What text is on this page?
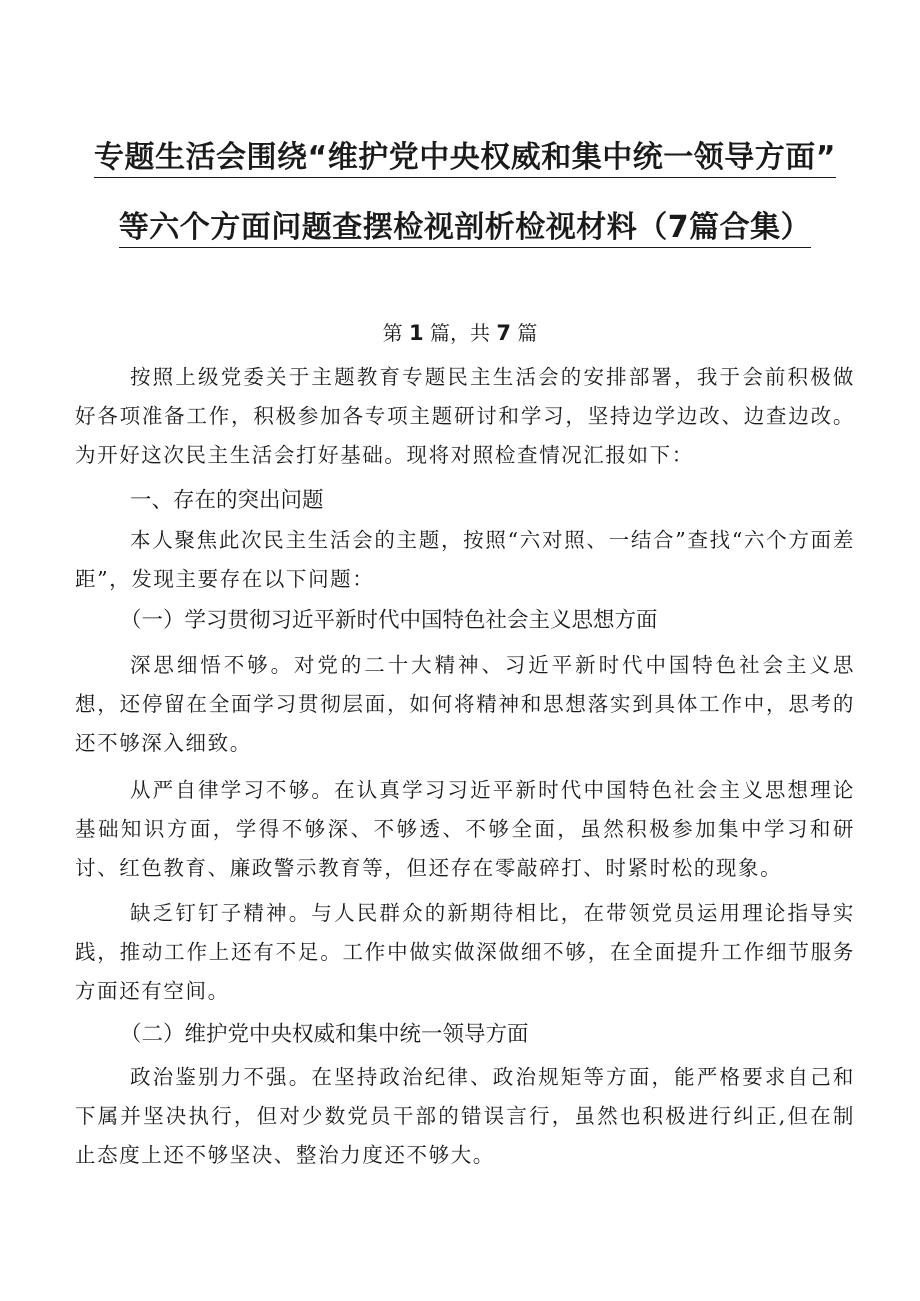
专题生活会围绕“维护党中央权威和集中统一领导方面”
等六个方面问题查摆检视剖析检视材料（7篇合集）
第 1 篇，共 7 篇

按照上级党委关于主题教育专题民主生活会的安排部署，我于会前积极做好各项准备工作，积极参加各专项主题研讨和学习，坚持边学边改、边查边改。为开好这次民主生活会打好基础。现将对照检查情况汇报如下：

一、存在的突出问题

本人聚焦此次民主生活会的主题，按照“六对照、一结合”查找“六个方面差距”，发现主要存在以下问题：

（一）学习贯彻习近平新时代中国特色社会主义思想方面

深思细悟不够。对党的二十大精神、习近平新时代中国特色社会主义思想，还停留在全面学习贯彻层面，如何将精神和思想落实到具体工作中，思考的还不够深入细致。

从严自律学习不够。在认真学习习近平新时代中国特色社会主义思想理论基础知识方面，学得不够深、不够透、不够全面，虽然积极参加集中学习和研讨、红色教育、廉政警示教育等，但还存在零敲碎打、时紧时松的现象。

缺乏钉钉子精神。与人民群众的新期待相比，在带领党员运用理论指导实践，推动工作上还有不足。工作中做实做深做细不够，在全面提升工作细节服务方面还有空间。

（二）维护党中央权威和集中统一领导方面

政治鉴别力不强。在坚持政治纪律、政治规矩等方面，能严格要求自己和下属并坚决执行，但对少数党员干部的错误言行，虽然也积极进行纠正,但在制止态度上还不够坚决、整治力度还不够大。
